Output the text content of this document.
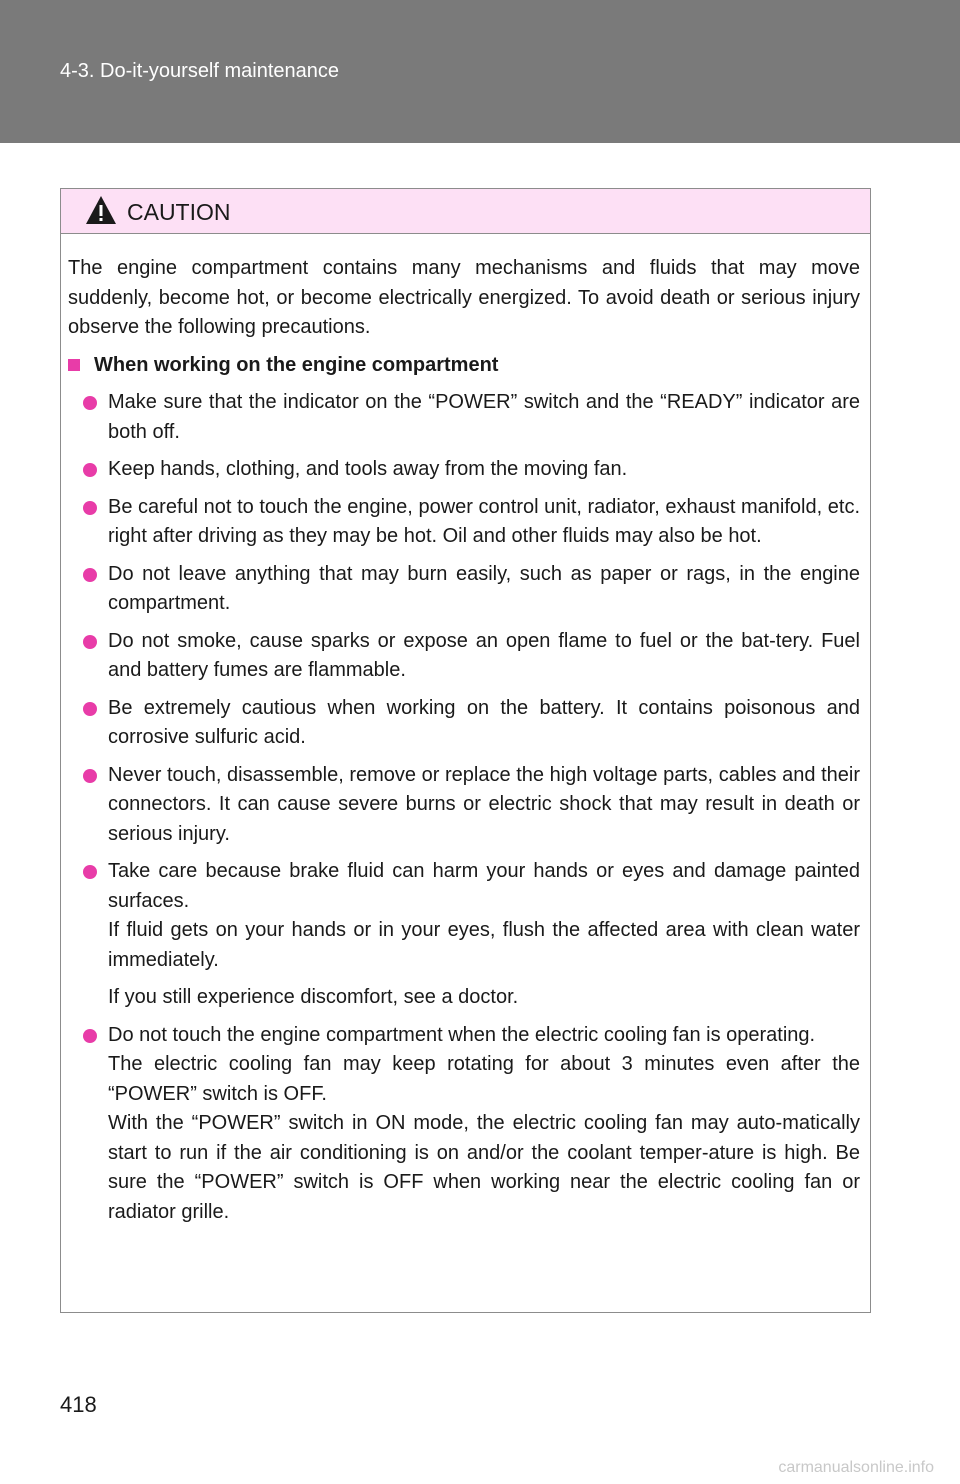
4-3. Do-it-yourself maintenance
CAUTION

The engine compartment contains many mechanisms and fluids that may move suddenly, become hot, or become electrically energized. To avoid death or serious injury observe the following precautions.

When working on the engine compartment

Make sure that the indicator on the “POWER” switch and the “READY” indicator are both off.

Keep hands, clothing, and tools away from the moving fan.

Be careful not to touch the engine, power control unit, radiator, exhaust manifold, etc. right after driving as they may be hot. Oil and other fluids may also be hot.

Do not leave anything that may burn easily, such as paper or rags, in the engine compartment.

Do not smoke, cause sparks or expose an open flame to fuel or the bat-tery. Fuel and battery fumes are flammable.

Be extremely cautious when working on the battery. It contains poisonous and corrosive sulfuric acid.

Never touch, disassemble, remove or replace the high voltage parts, cables and their connectors. It can cause severe burns or electric shock that may result in death or serious injury.

Take care because brake fluid can harm your hands or eyes and damage painted surfaces.

If fluid gets on your hands or in your eyes, flush the affected area with clean water immediately.

If you still experience discomfort, see a doctor.

Do not touch the engine compartment when the electric cooling fan is operating.

The electric cooling fan may keep rotating for about 3 minutes even after the “POWER” switch is OFF.

With the “POWER” switch in ON mode, the electric cooling fan may auto-matically start to run if the air conditioning is on and/or the coolant temper-ature is high. Be sure the “POWER” switch is OFF when working near the electric cooling fan or radiator grille.

418
carmanualsonline.info
